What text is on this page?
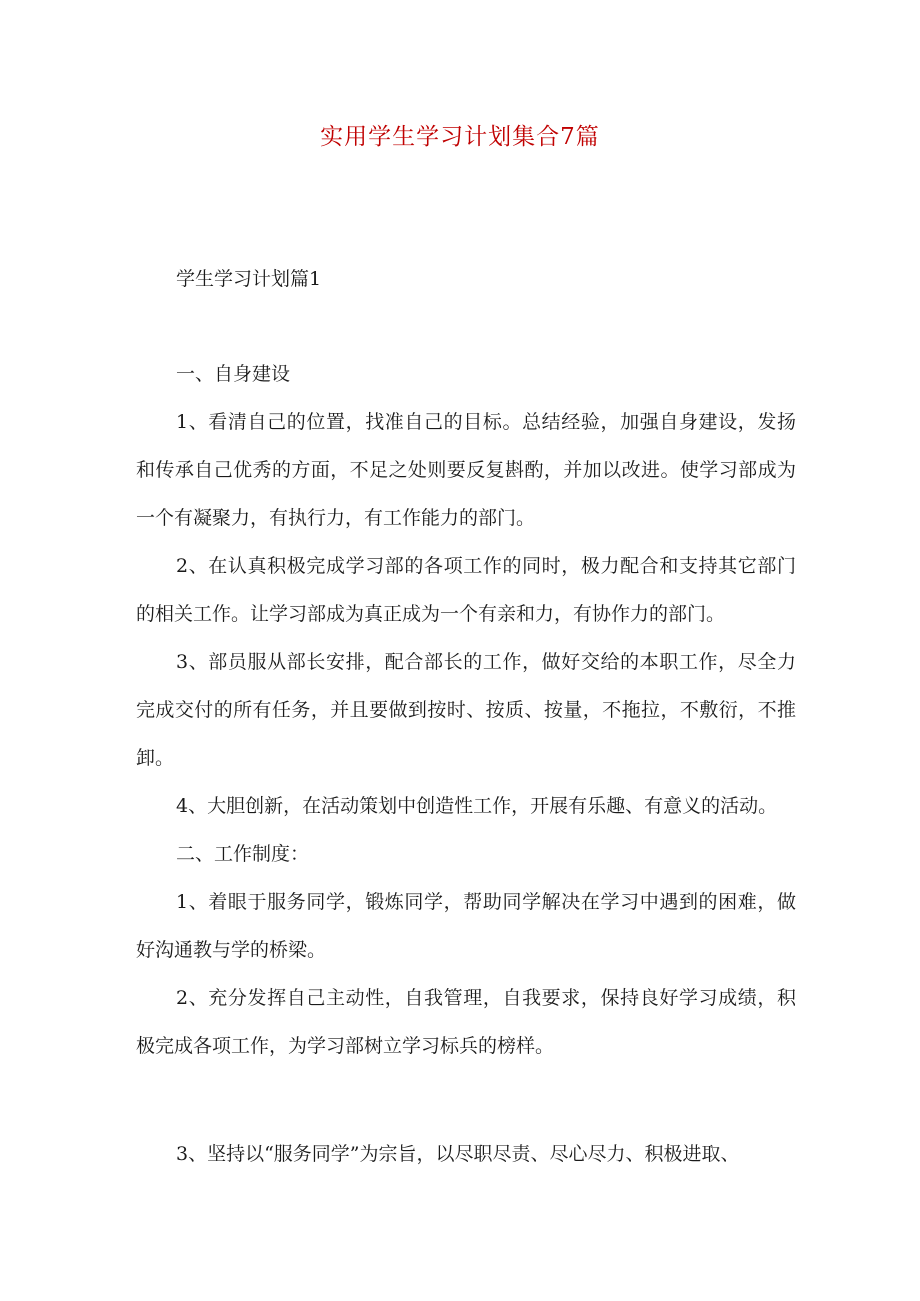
实用学生学习计划集合7篇
学生学习计划篇1

一、自身建设

1、看清自己的位置，找准自己的目标。总结经验，加强自身建设，发扬和传承自己优秀的方面，不足之处则要反复斟酌，并加以改进。使学习部成为一个有凝聚力，有执行力，有工作能力的部门。

2、在认真积极完成学习部的各项工作的同时，极力配合和支持其它部门的相关工作。让学习部成为真正成为一个有亲和力，有协作力的部门。

3、部员服从部长安排，配合部长的工作，做好交给的本职工作，尽全力完成交付的所有任务，并且要做到按时、按质、按量，不拖拉，不敷衍，不推卸。

4、大胆创新，在活动策划中创造性工作，开展有乐趣、有意义的活动。

二、工作制度：

1、着眼于服务同学，锻炼同学，帮助同学解决在学习中遇到的困难，做好沟通教与学的桥梁。

2、充分发挥自己主动性，自我管理，自我要求，保持良好学习成绩，积极完成各项工作，为学习部树立学习标兵的榜样。

3、坚持以“服务同学”为宗旨，以尽职尽责、尽心尽力、积极进取、
